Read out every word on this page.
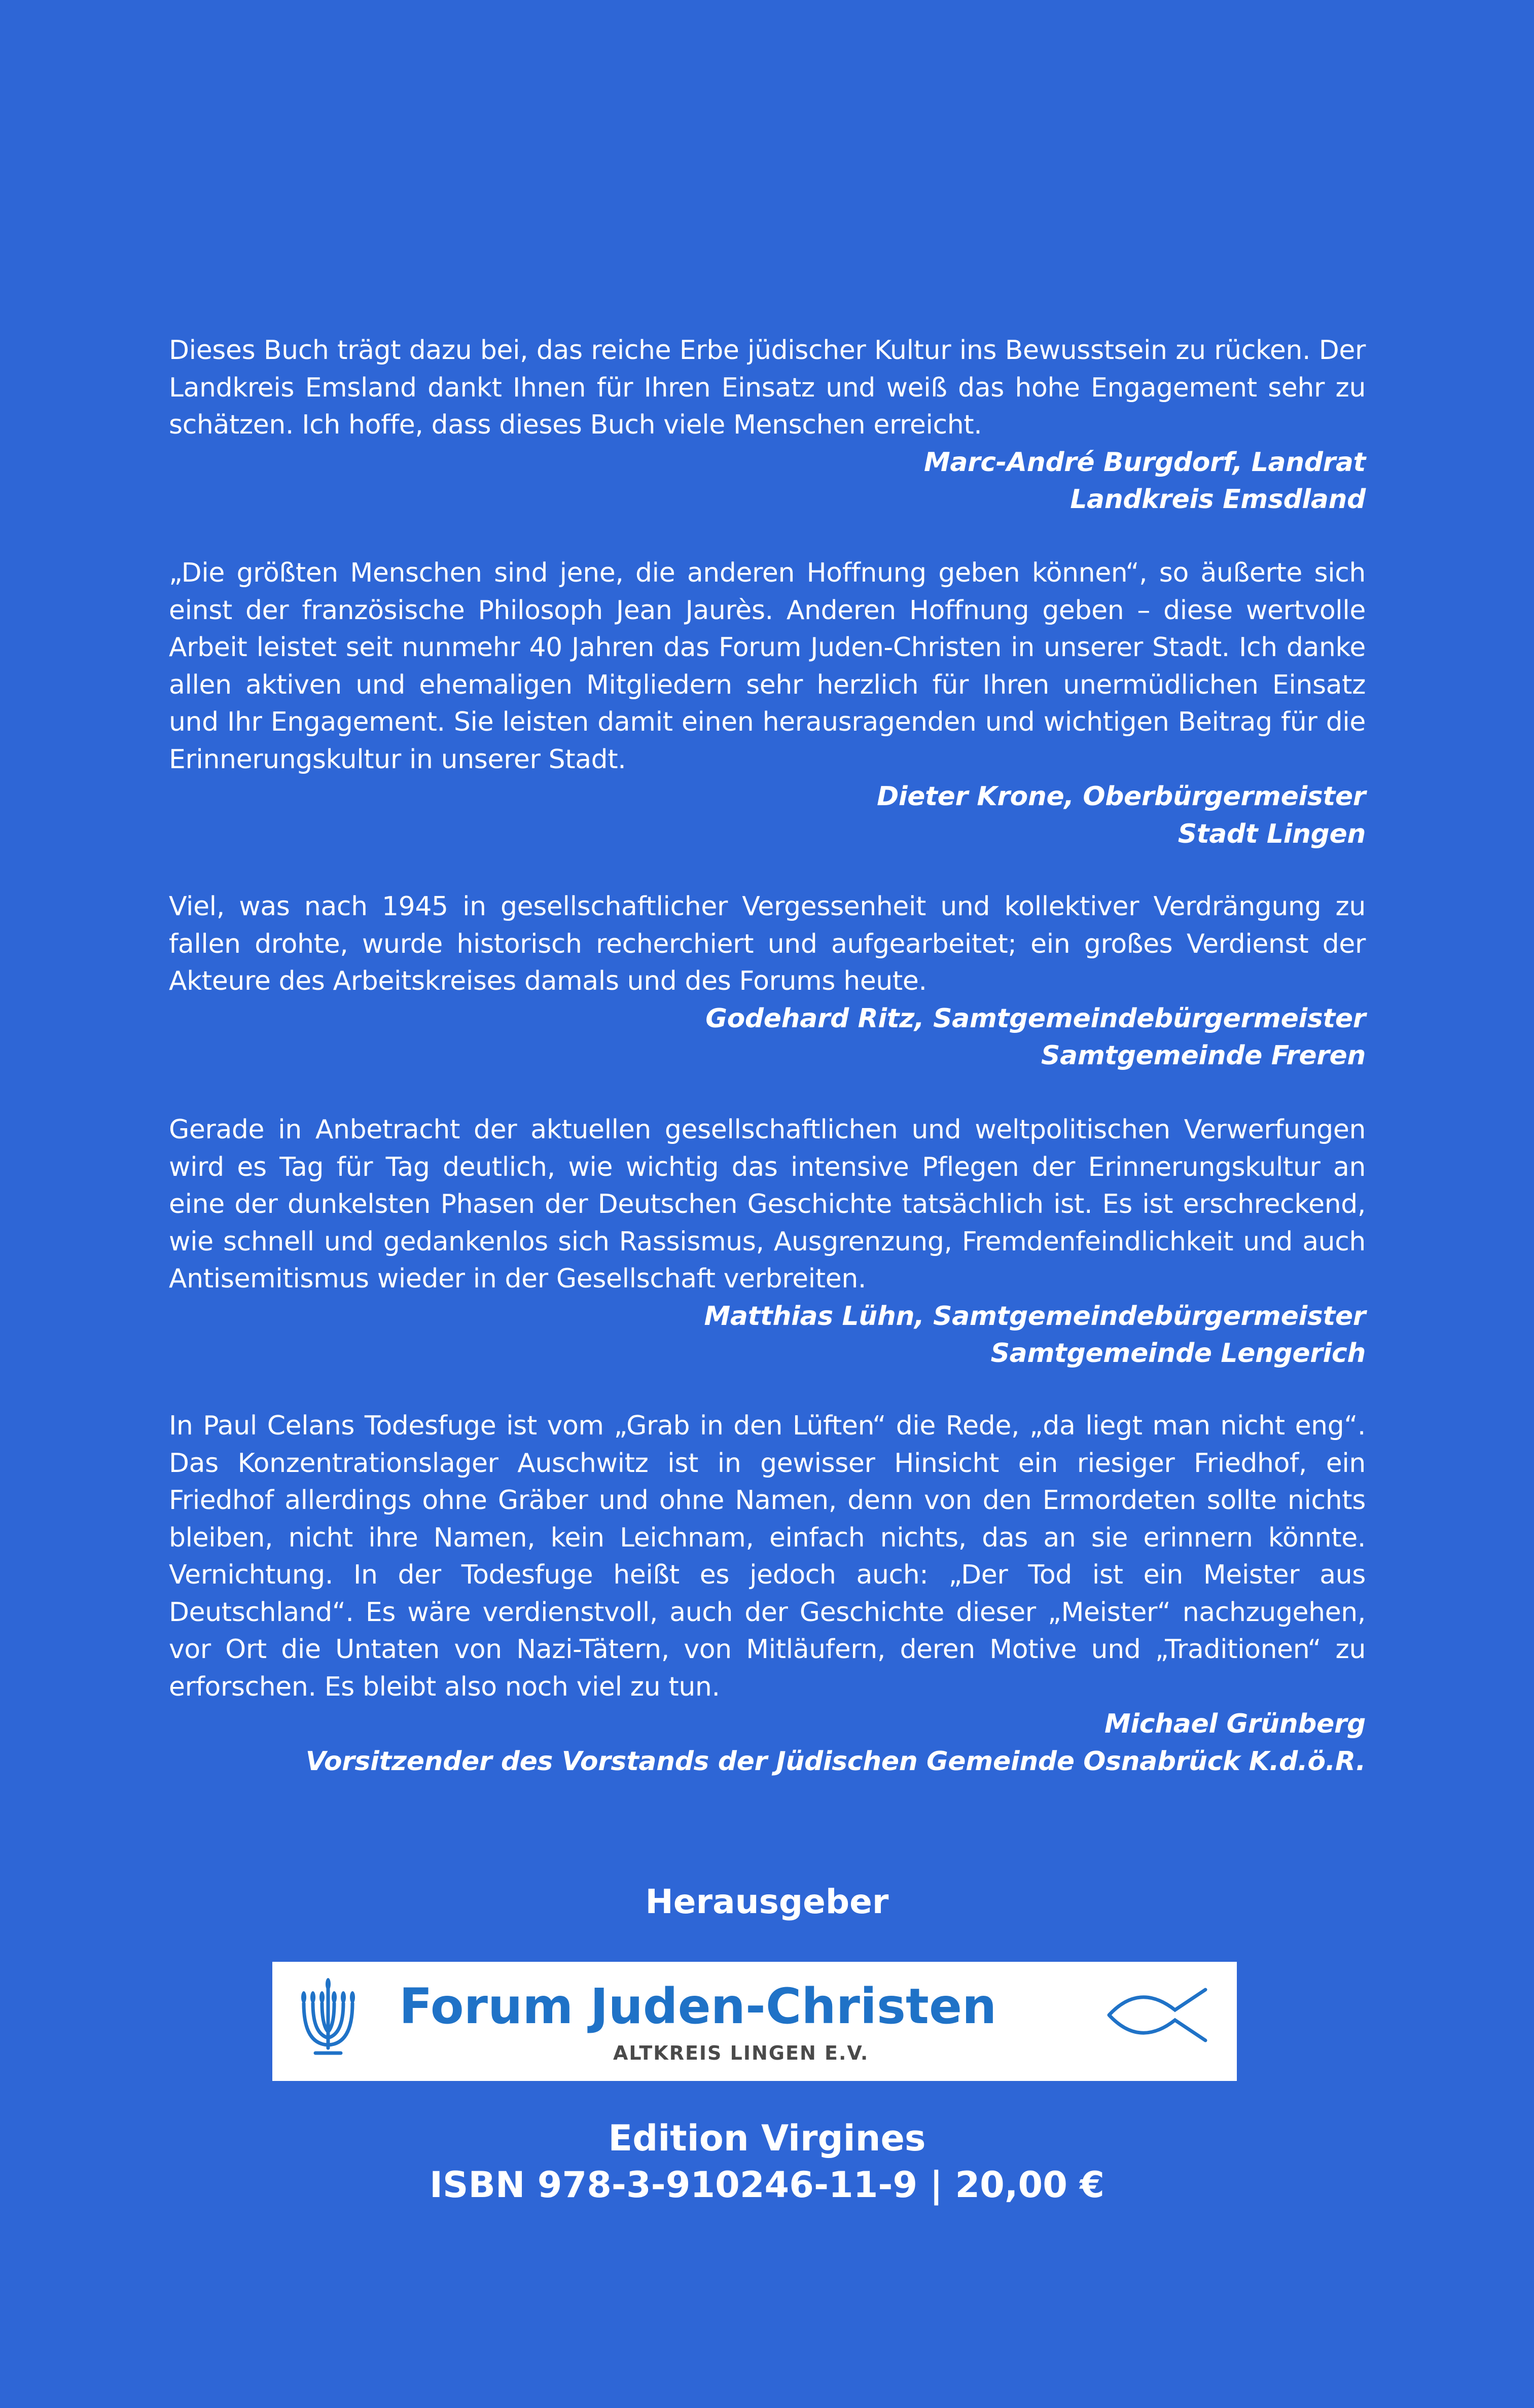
Dieses Buch trägt dazu bei, das reiche Erbe jüdischer Kultur ins Bewusstsein zu rücken. Der Landkreis Emsland dankt Ihnen für Ihren Einsatz und weiß das hohe Engagement sehr zu schätzen. Ich hoffe, dass dieses Buch viele Menschen erreicht.

Marc-André Burgdorf, Landrat

Landkreis Emsdland

„Die größten Menschen sind jene, die anderen Hoffnung geben können“, so äußerte sich einst der französische Philosoph Jean Jaurès. Anderen Hoffnung geben – diese wertvolle Arbeit leistet seit nunmehr 40 Jahren das Forum Juden-Christen in unserer Stadt. Ich danke allen aktiven und ehemaligen Mitgliedern sehr herzlich für Ihren unermüdlichen Einsatz und Ihr Engagement. Sie leisten damit einen herausragenden und wichtigen Beitrag für die Erinnerungskultur in unserer Stadt.

Dieter Krone, Oberbürgermeister

Stadt Lingen

Viel, was nach 1945 in gesellschaftlicher Vergessenheit und kollektiver Verdrängung zu fallen drohte, wurde historisch recherchiert und aufgearbeitet; ein großes Verdienst der Akteure des Arbeitskreises damals und des Forums heute.

Godehard Ritz, Samtgemeindebürgermeister

Samtgemeinde Freren

Gerade in Anbetracht der aktuellen gesellschaftlichen und weltpolitischen Verwerfungen wird es Tag für Tag deutlich, wie wichtig das intensive Pflegen der Erinnerungskultur an eine der dunkelsten Phasen der Deutschen Geschichte tatsächlich ist. Es ist erschreckend, wie schnell und gedankenlos sich Rassismus, Ausgrenzung, Fremdenfeindlichkeit und auch Antisemitismus wieder in der Gesellschaft verbreiten.

Matthias Lühn, Samtgemeindebürgermeister

Samtgemeinde Lengerich

In Paul Celans Todesfuge ist vom „Grab in den Lüften“ die Rede, „da liegt man nicht eng“. Das Konzentrationslager Auschwitz ist in gewisser Hinsicht ein riesiger Friedhof, ein Friedhof allerdings ohne Gräber und ohne Namen, denn von den Ermordeten sollte nichts bleiben, nicht ihre Namen, kein Leichnam, einfach nichts, das an sie erinnern könnte. Vernichtung. In der Todesfuge heißt es jedoch auch: „Der Tod ist ein Meister aus Deutschland“. Es wäre verdienstvoll, auch der Geschichte dieser „Meister“ nachzugehen, vor Ort die Untaten von Nazi-Tätern, von Mitläufern, deren Motive und „Traditionen“ zu erforschen. Es bleibt also noch viel zu tun.

Michael Grünberg

Vorsitzender des Vorstands der Jüdischen Gemeinde Osnabrück K.d.ö.R.

Herausgeber

Forum Juden-Christen

ALTKREIS LINGEN E.V.

Edition Virgines

ISBN 978-3-910246-11-9 | 20,00 €
